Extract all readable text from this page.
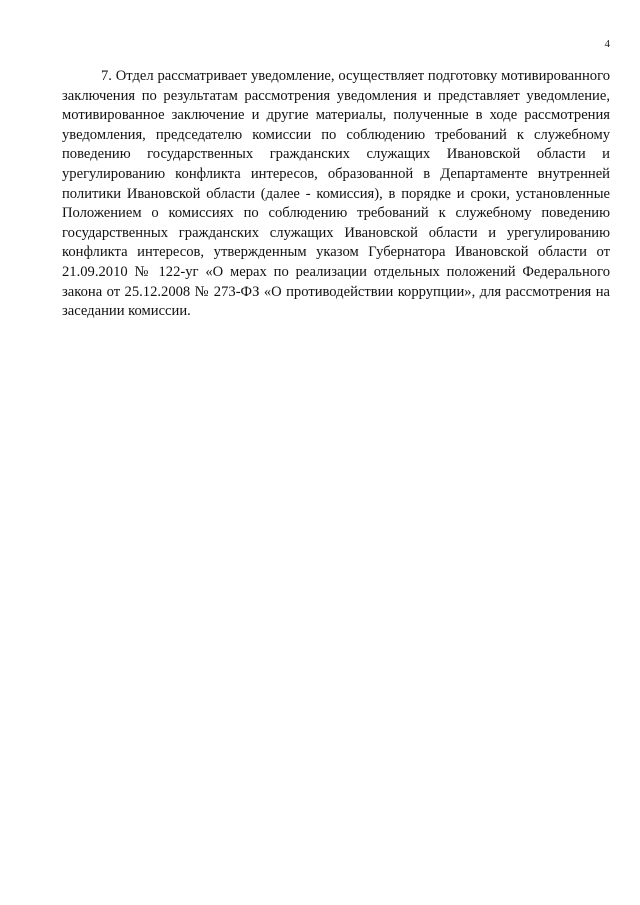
4

7. Отдел рассматривает уведомление, осуществляет подготовку мотивированного заключения по результатам рассмотрения уведомления и представляет уведомление, мотивированное заключение и другие материалы, полученные в ходе рассмотрения уведомления, председателю комиссии по соблюдению требований к служебному поведению государственных гражданских служащих Ивановской области и урегулированию конфликта интересов, образованной в Департаменте внутренней политики Ивановской области (далее - комиссия), в порядке и сроки, установленные Положением о комиссиях по соблюдению требований к служебному поведению государственных гражданских служащих Ивановской области и урегулированию конфликта интересов, утвержденным указом Губернатора Ивановской области от 21.09.2010 № 122-уг «О мерах по реализации отдельных положений Федерального закона от 25.12.2008 № 273-ФЗ «О противодействии коррупции», для рассмотрения на заседании комиссии.
